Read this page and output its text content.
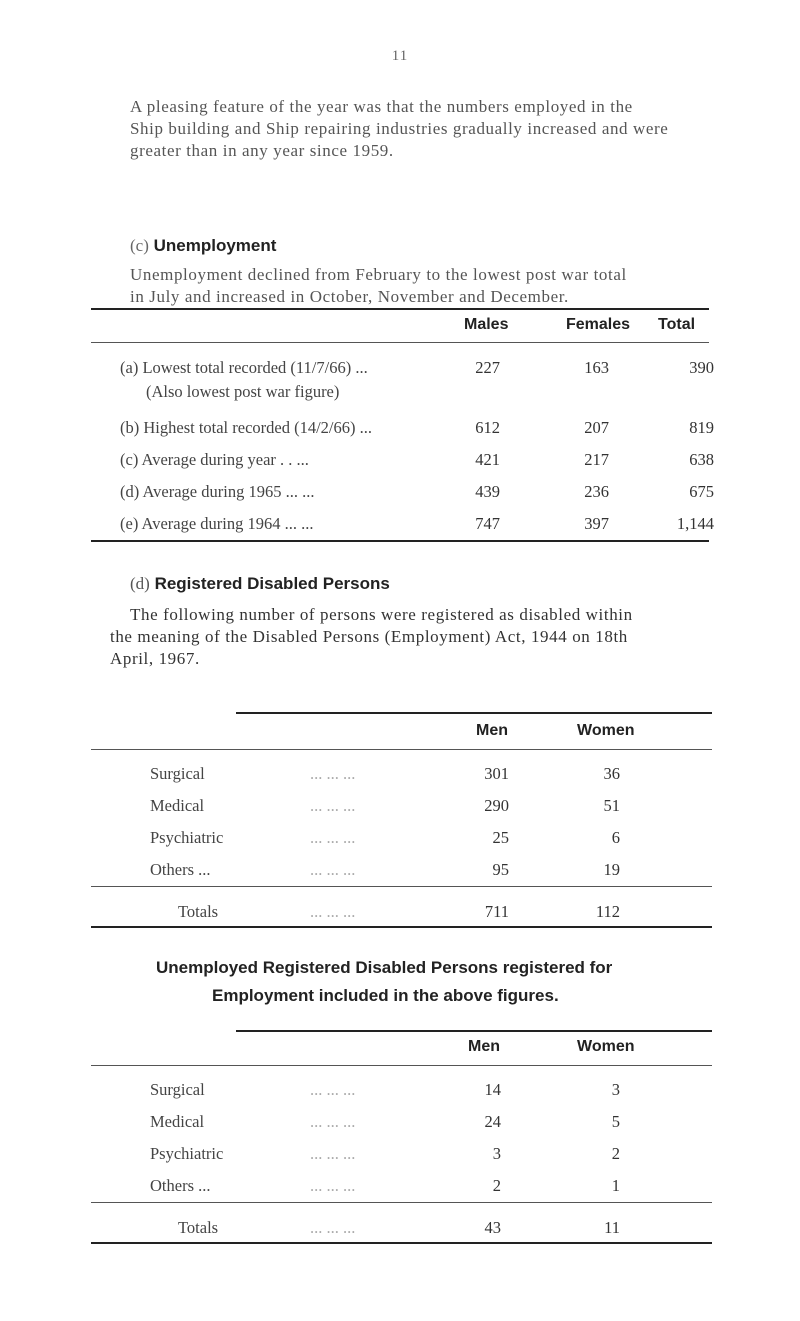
11
A pleasing feature of the year was that the numbers employed in the
Ship building and Ship repairing industries gradually increased and were
greater than in any year since 1959.
(c) Unemployment
Unemployment declined from February to the lowest post war total
in July and increased in October, November and December.
Males	Females Total
(a) Lowest total recorded (11/7/66) ...
(Also lowest post war figure)
227	163	390
(b) Highest total recorded (14/2/66) ...	612	207	819
(c) Average during year . . ...	421	217	638
(d) Average during 1965 ... ...	439	236	675
(e) Average during 1964 ... ...	747	397	1,144
(d) Registered Disabled Persons
The following number of persons were registered as disabled within
the meaning of the Disabled Persons (Employment) Act, 1944 on 18th
April, 1967.
Men	Women
Surgical	... ... ...	301	36
Medical	... ... ...	290	51
Psychiatric	... ... ...	25	6
Others ...	... ... ...	95	19
Totals	... ... ...	711	112
Unemployed Registered Disabled Persons registered for
Employment included in the above figures.
Men	Women
Surgical	... ... ...	14	3
Medical	... ... ...	24	5
Psychiatric	... ... ...	3	2
Others ...	... ... ...	2	1
Totals	... ... ...	43	11
